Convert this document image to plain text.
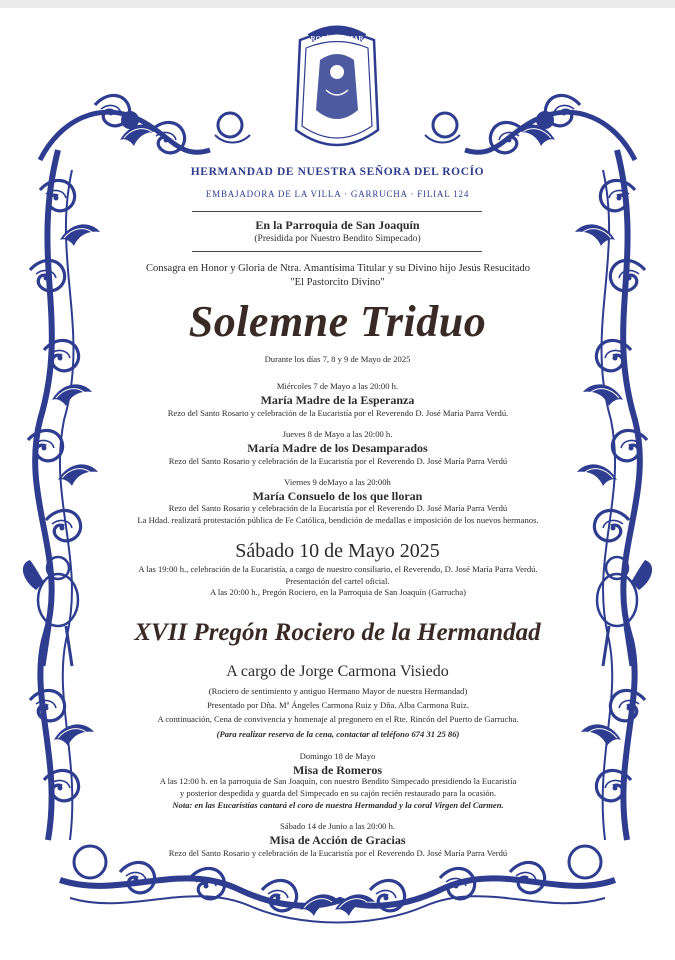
ROCÍO del MAR
HERMANDAD DE NUESTRA SEÑORA DEL ROCÍO
EMBAJADORA DE LA VILLA · GARRUCHA · FILIAL 124
En la Parroquia de San Joaquín
(Presidida por Nuestro Bendito Simpecado)
Consagra en Honor y Gloria de Ntra. Amantísima Titular y su Divino hijo Jesús Resucitado
"El Pastorcito Divino"
Solemne Triduo
Durante los días 7, 8 y 9 de Mayo de 2025
Miércoles 7 de Mayo a las 20:00 h.
María Madre de la Esperanza
Rezo del Santo Rosario y celebración de la Eucaristía por el Reverendo D. José María Parra Verdú.
Jueves 8 de Mayo a las 20:00 h.
María Madre de los Desamparados
Rezo del Santo Rosario y celebración de la Eucaristía por el Reverendo D. José María Parra Verdú
Viernes 9 deMayo a las 20:00h
María Consuelo de los que lloran
Rezo del Santo Rosario y celebración de la Eucaristía por el Reverendo D. José María Parra Verdú
La Hdad. realizará protestación pública de Fe Católica, bendición de medallas e imposición de los nuevos hermanos.
Sábado 10 de Mayo 2025
A las 19:00 h., celebración de la Eucaristía, a cargo de nuestro consiliario, el Reverendo, D. José María Parra Verdú.
Presentación del cartel oficial.
A las 20:00 h., Pregón Rociero, en la Parroquia de San Joaquín (Garrucha)
XVII Pregón Rociero de la Hermandad
A cargo de Jorge Carmona Visiedo
(Rociero de sentimiento y antiguo Hermano Mayor de nuestra Hermandad)
Presentado por Dña. Mª Ángeles Carmona Ruiz y Dña. Alba Carmona Ruiz.
A continuación, Cena de convivencia y homenaje al pregonero en el Rte. Rincón del Puerto de Garrucha.
(Para realizar reserva de la cena, contactar al teléfono 674 31 25 86)
Domingo 18 de Mayo
Misa de Romeros
A las 12:00 h. en la parroquia de San Joaquín, con nuestro Bendito Simpecado presidiendo la Eucaristía
y posterior despedida y guarda del Simpecado en su cajón recién restaurado para la ocasión.
Nota: en las Eucaristías cantará el coro de nuestra Hermandad y la coral Virgen del Carmen.
Sábado 14 de Junio a las 20:00 h.
Misa de Acción de Gracias
Rezo del Santo Rosario y celebración de la Eucaristía por el Reverendo D. José María Parra Verdú
